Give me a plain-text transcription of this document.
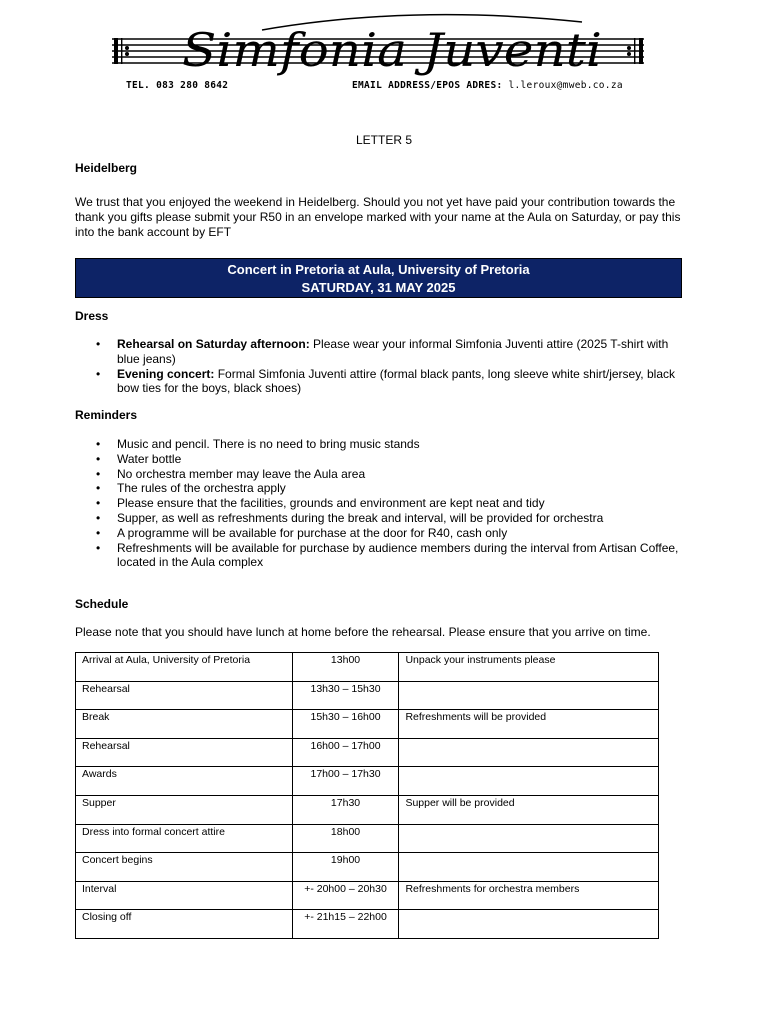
Simfonia Juventi
TEL. 083 280 8642	EMAIL ADDRESS/EPOS ADRES: l.leroux@mweb.co.za
LETTER 5
Heidelberg
We trust that you enjoyed the weekend in Heidelberg. Should you not yet have paid your contribution towards the thank you gifts please submit your R50 in an envelope marked with your name at the Aula on Saturday, or pay this into the bank account by EFT
Concert in Pretoria at Aula, University of Pretoria
SATURDAY, 31 MAY 2025
Dress
• Rehearsal on Saturday afternoon: Please wear your informal Simfonia Juventi attire (2025 T-shirt with blue jeans)
• Evening concert: Formal Simfonia Juventi attire (formal black pants, long sleeve white shirt/jersey, black bow ties for the boys, black shoes)
Reminders
• Music and pencil. There is no need to bring music stands
• Water bottle
• No orchestra member may leave the Aula area
• The rules of the orchestra apply
• Please ensure that the facilities, grounds and environment are kept neat and tidy
• Supper, as well as refreshments during the break and interval, will be provided for orchestra
• A programme will be available for purchase at the door for R40, cash only
• Refreshments will be available for purchase by audience members during the interval from Artisan Coffee, located in the Aula complex
Schedule
Please note that you should have lunch at home before the rehearsal. Please ensure that you arrive on time.
Arrival at Aula, University of Pretoria	13h00	Unpack your instruments please
Rehearsal	13h30 – 15h30	
Break	15h30 – 16h00	Refreshments will be provided
Rehearsal	16h00 – 17h00	
Awards	17h00 – 17h30	
Supper	17h30	Supper will be provided
Dress into formal concert attire	18h00	
Concert begins	19h00	
Interval	+- 20h00 – 20h30	Refreshments for orchestra members
Closing off	+- 21h15 – 22h00	
